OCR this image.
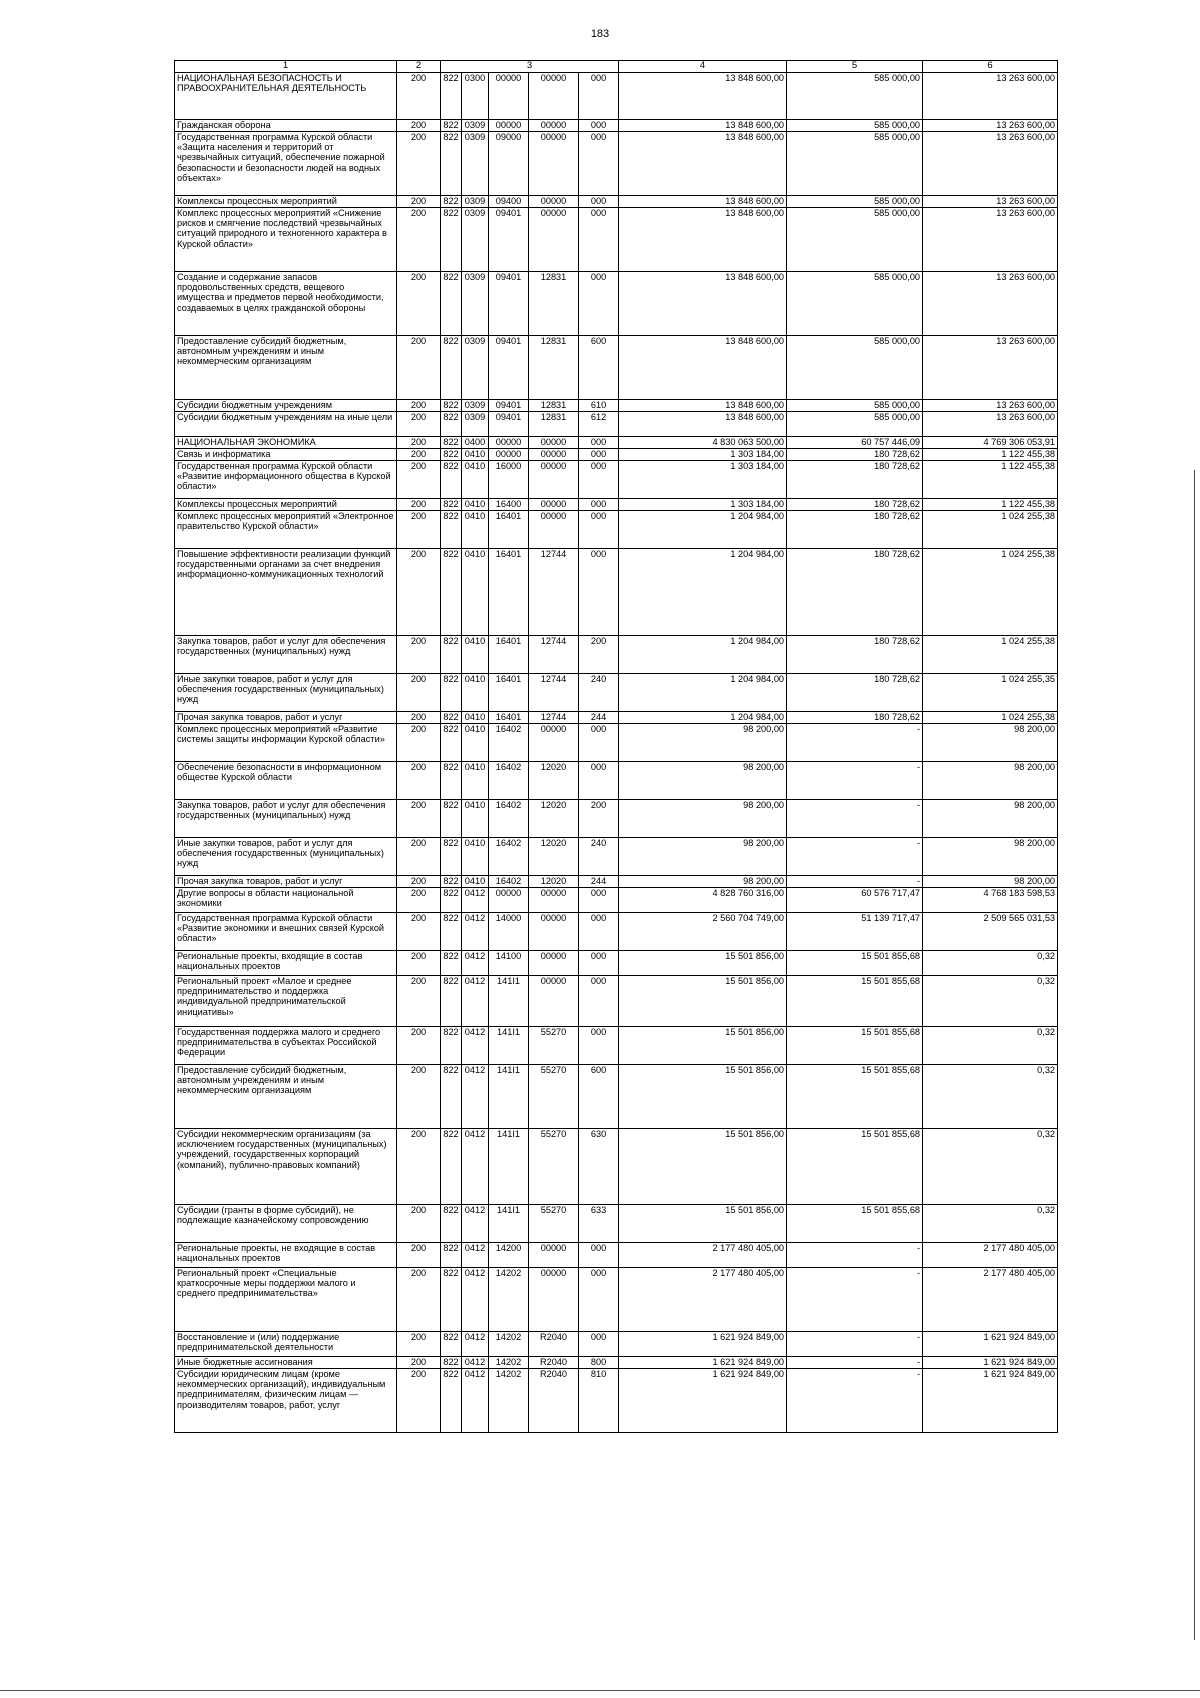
183
1	2	3					4	5	6
НАЦИОНАЛЬНАЯ БЕЗОПАСНОСТЬ И ПРАВООХРАНИТЕЛЬНАЯ ДЕЯТЕЛЬНОСТЬ	200	822	0300	00000	00000	000	13 848 600,00	585 000,00	13 263 600,00
Гражданская оборона	200	822	0309	00000	00000	000	13 848 600,00	585 000,00	13 263 600,00
Государственная программа Курской области «Защита населения и территорий от чрезвычайных ситуаций, обеспечение пожарной безопасности и безопасности людей на водных объектах»	200	822	0309	09000	00000	000	13 848 600,00	585 000,00	13 263 600,00
Комплексы процессных мероприятий	200	822	0309	09400	00000	000	13 848 600,00	585 000,00	13 263 600,00
Комплекс процессных мероприятий «Снижение рисков и смягчение последствий чрезвычайных ситуаций природного и техногенного характера в Курской области»	200	822	0309	09401	00000	000	13 848 600,00	585 000,00	13 263 600,00
Создание и содержание запасов продовольственных средств, вещевого имущества и предметов первой необходимости, создаваемых в целях гражданской обороны	200	822	0309	09401	12831	000	13 848 600,00	585 000,00	13 263 600,00
Предоставление субсидий бюджетным, автономным учреждениям и иным некоммерческим организациям	200	822	0309	09401	12831	600	13 848 600,00	585 000,00	13 263 600,00
Субсидии бюджетным учреждениям	200	822	0309	09401	12831	610	13 848 600,00	585 000,00	13 263 600,00
Субсидии бюджетным учреждениям на иные цели	200	822	0309	09401	12831	612	13 848 600,00	585 000,00	13 263 600,00
НАЦИОНАЛЬНАЯ ЭКОНОМИКА	200	822	0400	00000	00000	000	4 830 063 500,00	60 757 446,09	4 769 306 053,91
Связь и информатика	200	822	0410	00000	00000	000	1 303 184,00	180 728,62	1 122 455,38
Государственная программа Курской области «Развитие информационного общества в Курской области»	200	822	0410	16000	00000	000	1 303 184,00	180 728,62	1 122 455,38
Комплексы процессных мероприятий	200	822	0410	16400	00000	000	1 303 184,00	180 728,62	1 122 455,38
Комплекс процессных мероприятий «Электронное правительство Курской области»	200	822	0410	16401	00000	000	1 204 984,00	180 728,62	1 024 255,38
Повышение эффективности реализации функций государственными органами за счет внедрения информационно-коммуникационных технологий	200	822	0410	16401	12744	000	1 204 984,00	180 728,62	1 024 255,38
Закупка товаров, работ и услуг для обеспечения государственных (муниципальных) нужд	200	822	0410	16401	12744	200	1 204 984,00	180 728,62	1 024 255,38
Иные закупки товаров, работ и услуг для обеспечения государственных (муниципальных) нужд	200	822	0410	16401	12744	240	1 204 984,00	180 728,62	1 024 255,35
Прочая закупка товаров, работ и услуг	200	822	0410	16401	12744	244	1 204 984,00	180 728,62	1 024 255,38
Комплекс процессных мероприятий «Развитие системы защиты информации Курской области»	200	822	0410	16402	00000	000	98 200,00	-	98 200,00
Обеспечение безопасности в информационном обществе Курской области	200	822	0410	16402	12020	000	98 200,00	-	98 200,00
Закупка товаров, работ и услуг для обеспечения государственных (муниципальных) нужд	200	822	0410	16402	12020	200	98 200,00	-	98 200,00
Иные закупки товаров, работ и услуг для обеспечения государственных (муниципальных) нужд	200	822	0410	16402	12020	240	98 200,00	-	98 200,00
Прочая закупка товаров, работ и услуг	200	822	0410	16402	12020	244	98 200,00	-	98 200,00
Другие вопросы в области национальной экономики	200	822	0412	00000	00000	000	4 828 760 316,00	60 576 717,47	4 768 183 598,53
Государственная программа Курской области «Развитие экономики и внешних связей Курской области»	200	822	0412	14000	00000	000	2 560 704 749,00	51 139 717,47	2 509 565 031,53
Региональные проекты, входящие в состав национальных проектов	200	822	0412	14100	00000	000	15 501 856,00	15 501 855,68	0,32
Региональный проект «Малое и среднее предпринимательство и поддержка индивидуальной предпринимательской инициативы»	200	822	0412	141I1	00000	000	15 501 856,00	15 501 855,68	0,32
Государственная поддержка малого и среднего предпринимательства в субъектах Российской Федерации	200	822	0412	141I1	55270	000	15 501 856,00	15 501 855,68	0,32
Предоставление субсидий бюджетным, автономным учреждениям и иным некоммерческим организациям	200	822	0412	141I1	55270	600	15 501 856,00	15 501 855,68	0,32
Субсидии некоммерческим организациям (за исключением государственных (муниципальных) учреждений, государственных корпораций (компаний), публично-правовых компаний)	200	822	0412	141I1	55270	630	15 501 856,00	15 501 855,68	0,32
Субсидии (гранты в форме субсидий), не подлежащие казначейскому сопровождению	200	822	0412	141I1	55270	633	15 501 856,00	15 501 855,68	0,32
Региональные проекты, не входящие в состав национальных проектов	200	822	0412	14200	00000	000	2 177 480 405,00	-	2 177 480 405,00
Региональный проект «Специальные краткосрочные меры поддержки малого и среднего предпринимательства»	200	822	0412	14202	00000	000	2 177 480 405,00	-	2 177 480 405,00
Восстановление и (или) поддержание предпринимательской деятельности	200	822	0412	14202	R2040	000	1 621 924 849,00	-	1 621 924 849,00
Иные бюджетные ассигнования	200	822	0412	14202	R2040	800	1 621 924 849,00	-	1 621 924 849,00
Субсидии юридическим лицам (кроме некоммерческих организаций), индивидуальным предпринимателям, физическим лицам — производителям товаров, работ, услуг	200	822	0412	14202	R2040	810	1 621 924 849,00	-	1 621 924 849,00
